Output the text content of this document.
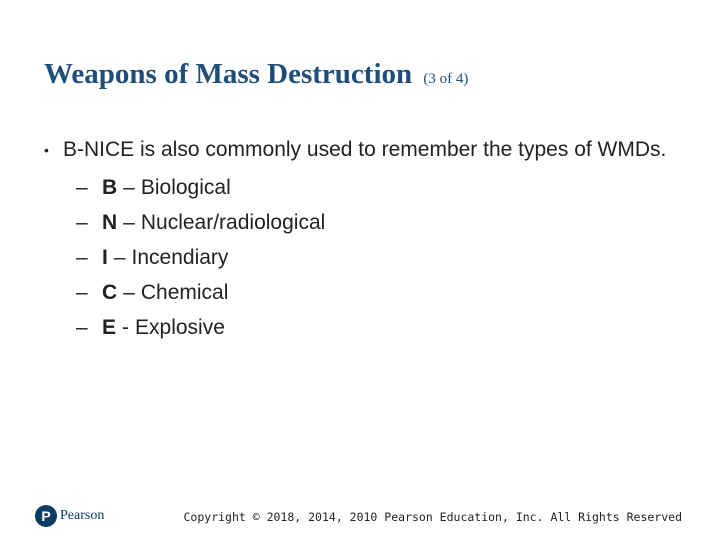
Weapons of Mass Destruction (3 of 4)
• B-NICE is also commonly used to remember the types of WMDs.
– B – Biological
– N – Nuclear/radiological
– I – Incendiary
– C – Chemical
– E - Explosive
P Pearson	Copyright © 2018, 2014, 2010 Pearson Education, Inc. All Rights Reserved
